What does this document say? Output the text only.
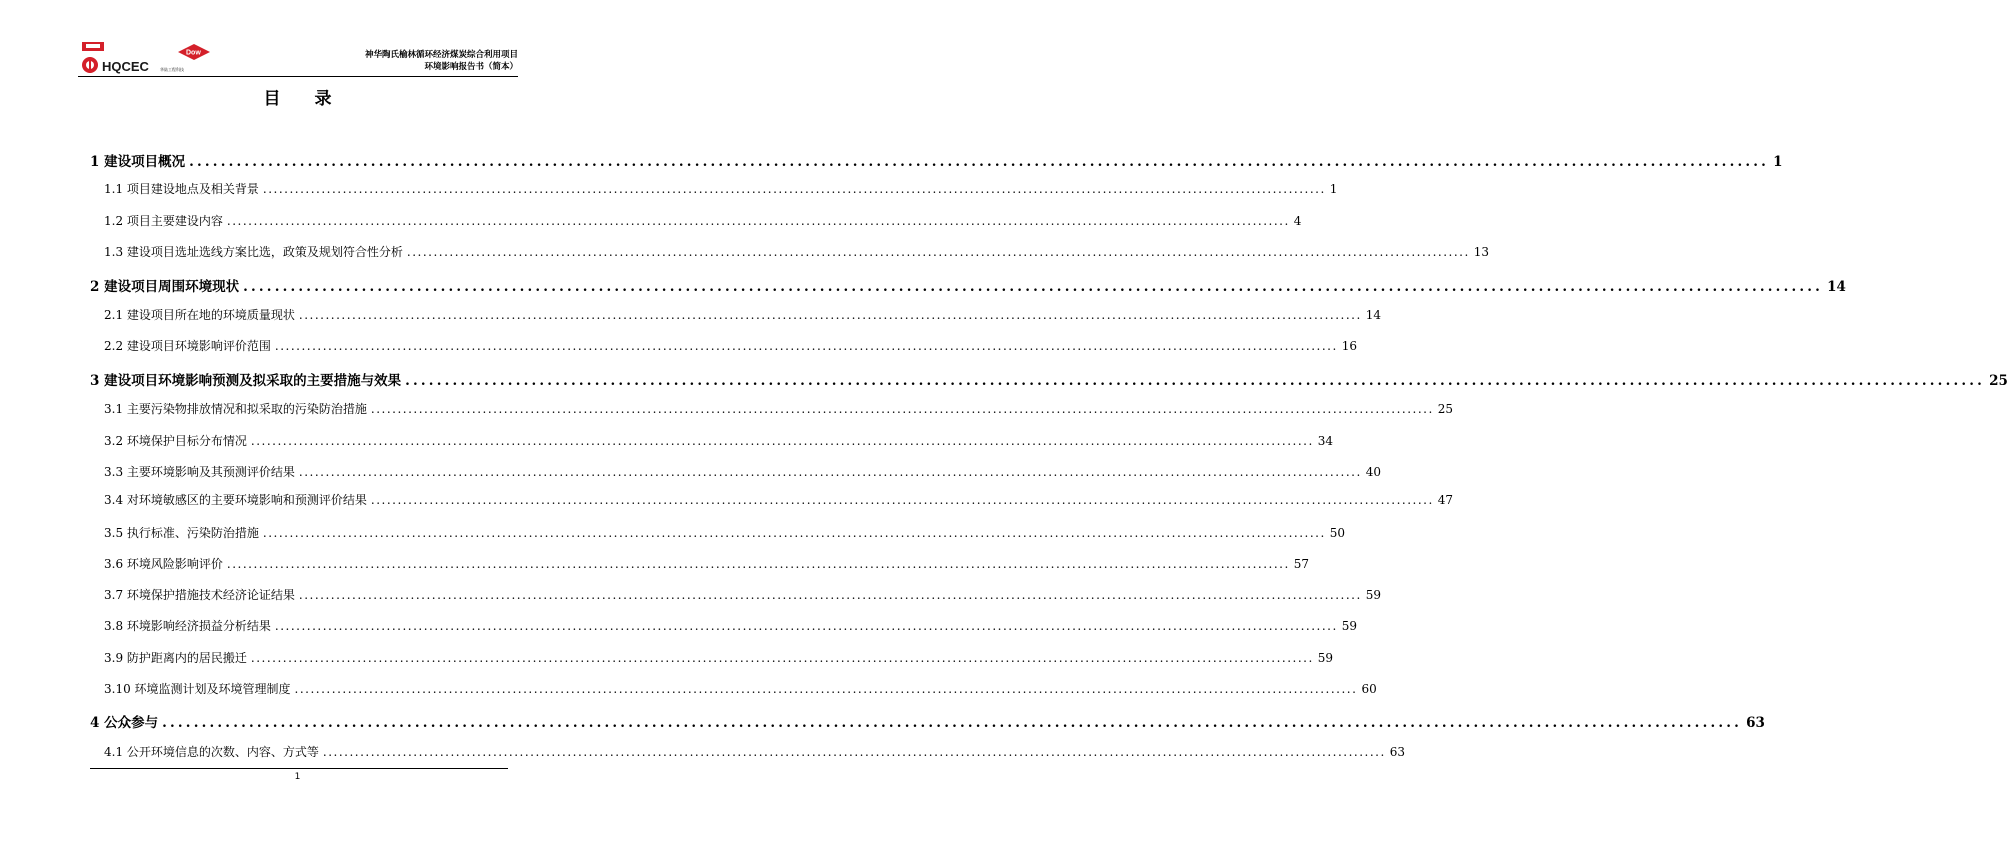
HQCEC	华陆工程科技
Dow	神华陶氏榆林循环经济煤炭综合利用项目
环境影响报告书（简本）
目　　录
1 建设项目概况 ........................................................................................................................................................................................................ 1
1.1 项目建设地点及相关背景 ........................................................................................................................................................................................................ 1
1.2 项目主要建设内容 ........................................................................................................................................................................................................ 4
1.3 建设项目选址选线方案比选，政策及规划符合性分析 ........................................................................................................................................................................................................ 13
2 建设项目周围环境现状 ........................................................................................................................................................................................................ 14
2.1 建设项目所在地的环境质量现状 ........................................................................................................................................................................................................ 14
2.2 建设项目环境影响评价范围 ........................................................................................................................................................................................................ 16
3 建设项目环境影响预测及拟采取的主要措施与效果 ........................................................................................................................................................................................................ 25
3.1 主要污染物排放情况和拟采取的污染防治措施 ........................................................................................................................................................................................................ 25
3.2 环境保护目标分布情况 ........................................................................................................................................................................................................ 34
3.3 主要环境影响及其预测评价结果 ........................................................................................................................................................................................................ 40
3.4 对环境敏感区的主要环境影响和预测评价结果 ........................................................................................................................................................................................................ 47
3.5 执行标准、污染防治措施 ........................................................................................................................................................................................................ 50
3.6 环境风险影响评价 ........................................................................................................................................................................................................ 57
3.7 环境保护措施技术经济论证结果 ........................................................................................................................................................................................................ 59
3.8 环境影响经济损益分析结果 ........................................................................................................................................................................................................ 59
3.9 防护距离内的居民搬迁 ........................................................................................................................................................................................................ 59
3.10 环境监测计划及环境管理制度 ........................................................................................................................................................................................................ 60
4 公众参与 ........................................................................................................................................................................................................ 63
4.1 公开环境信息的次数、内容、方式等 ........................................................................................................................................................................................................ 63
1
